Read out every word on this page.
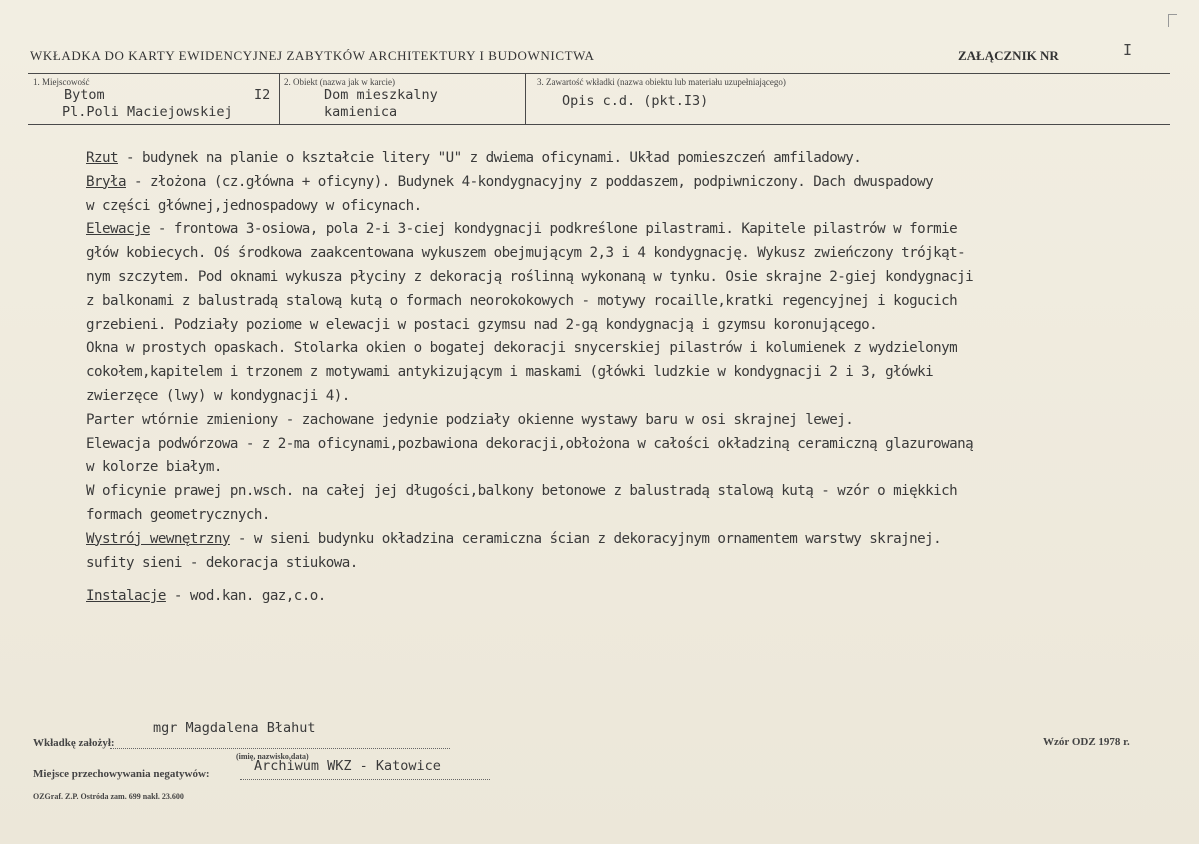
WKŁADKA DO KARTY EWIDENCYJNEJ ZABYTKÓW ARCHITEKTURY I BUDOWNICTWA	ZAŁĄCZNIK NR	I
1. Miejscowość
Bytom	I2
Pl.Poli Maciejowskiej
2. Obiekt (nazwa jak w karcie)
Dom mieszkalny
kamienica
3. Zawartość wkładki (nazwa obiektu lub materiału uzupełniającego)
Opis c.d. (pkt.I3)
Rzut - budynek na planie o kształcie litery "U" z dwiema oficynami. Układ pomieszczeń amfiladowy.
Bryła - złożona (cz.główna + oficyny). Budynek 4-kondygnacyjny z poddaszem, podpiwniczony. Dach dwuspadowy
w części głównej,jednospadowy w oficynach.
Elewacje - frontowa 3-osiowa, pola 2-i 3-ciej kondygnacji podkreślone pilastrami. Kapitele pilastrów w formie
głów kobiecych. Oś środkowa zaakcentowana wykuszem obejmującym 2,3 i 4 kondygnację. Wykusz zwieńczony trójkąt-
nym szczytem. Pod oknami wykusza płyciny z dekoracją roślinną wykonaną w tynku. Osie skrajne 2-giej kondygnacji
z balkonami z balustradą stalową kutą o formach neorokokowych - motywy rocaille,kratki regencyjnej i kogucich
grzebieni. Podziały poziome w elewacji w postaci gzymsu nad 2-gą kondygnacją i gzymsu koronującego.
Okna w prostych opaskach. Stolarka okien o bogatej dekoracji snycerskiej pilastrów i kolumienek z wydzielonym
cokołem,kapitelem i trzonem z motywami antykizującym i maskami (główki ludzkie w kondygnacji 2 i 3, główki
zwierzęce (lwy) w kondygnacji 4).
Parter wtórnie zmieniony - zachowane jedynie podziały okienne wystawy baru w osi skrajnej lewej.
Elewacja podwórzowa - z 2-ma oficynami,pozbawiona dekoracji,obłożona w całości okładziną ceramiczną glazurowaną
w kolorze białym.
W oficynie prawej pn.wsch. na całej jej długości,balkony betonowe z balustradą stalową kutą - wzór o miękkich
formach geometrycznych.
Wystrój wewnętrzny - w sieni budynku okładzina ceramiczna ścian z dekoracyjnym ornamentem warstwy skrajnej.
sufity sieni - dekoracja stiukowa.
Instalacje - wod.kan. gaz,c.o.
Wkładkę założył:
mgr Magdalena Błahut
(imię, nazwisko,data)
Miejsce przechowywania negatywów:	Archiwum WKZ - Katowice
Wzór ODZ 1978 r.
OZGraf. Z.P. Ostróda zam. 699 nakł. 23.600
